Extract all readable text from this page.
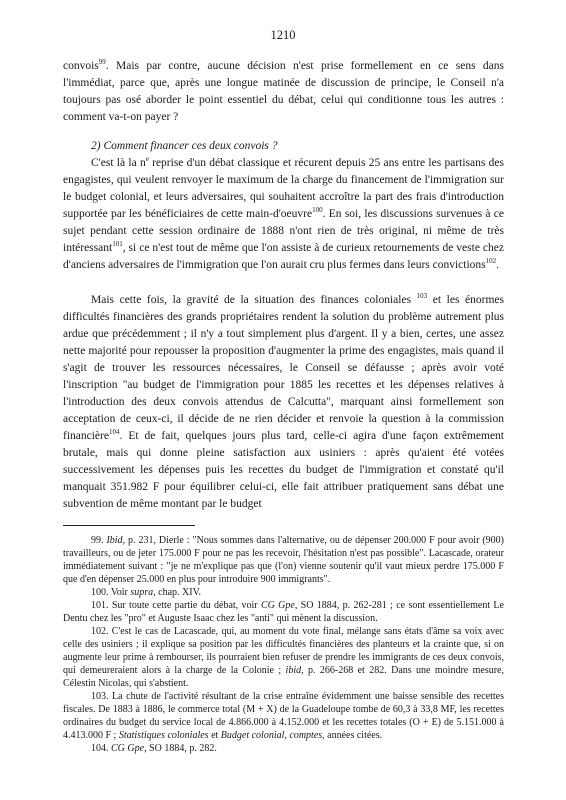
1210

convois$^{99}$. Mais par contre, aucune décision n'est prise formellement en ce sens dans l'immédiat, parce que, après une longue matinée de discussion de principe, le Conseil n'a toujours pas osé aborder le point essentiel du débat, celui qui conditionne tous les autres : comment va-t-on payer ?

2) Comment financer ces deux convois ?

C'est là la $n^e$ reprise d'un débat classique et récurent depuis 25 ans entre les partisans des engagistes, qui veulent renvoyer le maximum de la charge du financement de l'immigration sur le budget colonial, et leurs adversaires, qui souhaitent accroître la part des frais d'introduction supportée par les bénéficiaires de cette main-d'oeuvre$^{100}$. En soi, les discussions survenues à ce sujet pendant cette session ordinaire de 1888 n'ont rien de très original, ni même de très intéressant$^{101}$, si ce n'est tout de même que l'on assiste à de curieux retournements de veste chez d'anciens adversaires de l'immigration que l'on aurait cru plus fermes dans leurs convictions$^{102}$.

Mais cette fois, la gravité de la situation des finances coloniales $^{103}$ et les énormes difficultés financières des grands propriétaires rendent la solution du problème autrement plus ardue que précédemment ; il n'y a tout simplement plus d'argent. Il y a bien, certes, une assez nette majorité pour repousser la proposition d'augmenter la prime des engagistes, mais quand il s'agit de trouver les ressources nécessaires, le Conseil se défausse ; après avoir voté l'inscription "au budget de l'immigration pour 1885 les recettes et les dépenses relatives à l'introduction des deux convois attendus de Calcutta", marquant ainsi formellement son acceptation de ceux-ci, il décide de ne rien décider et renvoie la question à la commission financière$^{104}$. Et de fait, quelques jours plus tard, celle-ci agira d'une façon extrêmement brutale, mais qui donne pleine satisfaction aux usiniers : après qu'aient été votées successivement les dépenses puis les recettes du budget de l'immigration et constaté qu'il manquait 351.982 F pour équilibrer celui-ci, elle fait attribuer pratiquement sans débat une subvention de même montant par le budget

99. Ibid, p. 231, Dierle : "Nous sommes dans l'alternative, ou de dépenser 200.000 F pour avoir (900) travailleurs, ou de jeter 175.000 F pour ne pas les recevoir, l'hésitation n'est pas possible". Lacascade, orateur immédiatement suivant : "je ne m'explique pas que (l'on) vienne soutenir qu'il vaut mieux perdre 175.000 F que d'en dépenser 25.000 en plus pour introduire 900 immigrants".

100. Voir supra, chap. XIV.

101. Sur toute cette partie du débat, voir CG Gpe, SO 1884, p. 262-281 ; ce sont essentiellement Le Dentu chez les "pro" et Auguste Isaac chez les "anti" qui mènent la discussion.

102. C'est le cas de Lacascade, qui, au moment du vote final, mélange sans états d'âme sa voix avec celle des usiniers ; il explique sa position par les difficultés financières des planteurs et la crainte que, si on augmente leur prime à rembourser, ils pourraient bien refuser de prendre les immigrants de ces deux convois, qui demeureraient alors à la charge de la Colonie ; ibid, p. 266-268 et 282. Dans une moindre mesure, Célestin Nicolas, qui s'abstient.

103. La chute de l'activité résultant de la crise entraîne évidemment une baisse sensible des recettes fiscales. De 1883 à 1886, le commerce total (M + X) de la Guadeloupe tombe de 60,3 à 33,8 MF, les recettes ordinaires du budget du service local de 4.866.000 à 4.152.000 et les recettes totales (O + E) de 5.151.000 à 4.413.000 F ; Statistiques coloniales et Budget colonial, comptes, années citées.

104. CG Gpe, SO 1884, p. 282.
